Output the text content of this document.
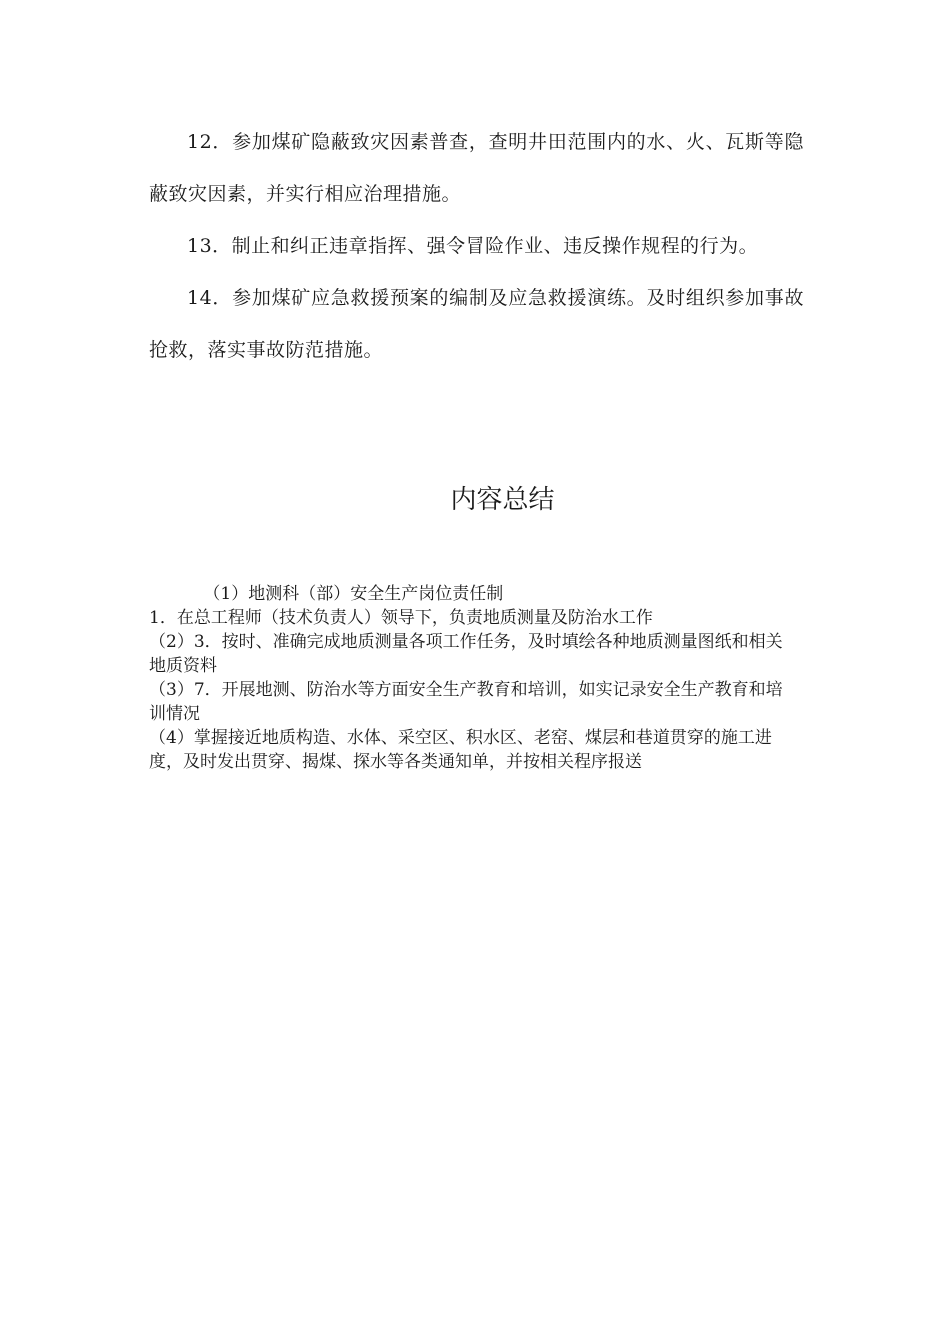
12．参加煤矿隐蔽致灾因素普查，查明井田范围内的水、火、瓦斯等隐蔽致灾因素，并实行相应治理措施。

13．制止和纠正违章指挥、强令冒险作业、违反操作规程的行为。

14．参加煤矿应急救援预案的编制及应急救援演练。及时组织参加事故抢救，落实事故防范措施。

内容总结

（1）地测科（部）安全生产岗位责任制

1．在总工程师（技术负责人）领导下，负责地质测量及防治水工作

（2）3．按时、准确完成地质测量各项工作任务，及时填绘各种地质测量图纸和相关地质资料

（3）7．开展地测、防治水等方面安全生产教育和培训，如实记录安全生产教育和培训情况

（4）掌握接近地质构造、水体、采空区、积水区、老窑、煤层和巷道贯穿的施工进度，及时发出贯穿、揭煤、探水等各类通知单，并按相关程序报送
